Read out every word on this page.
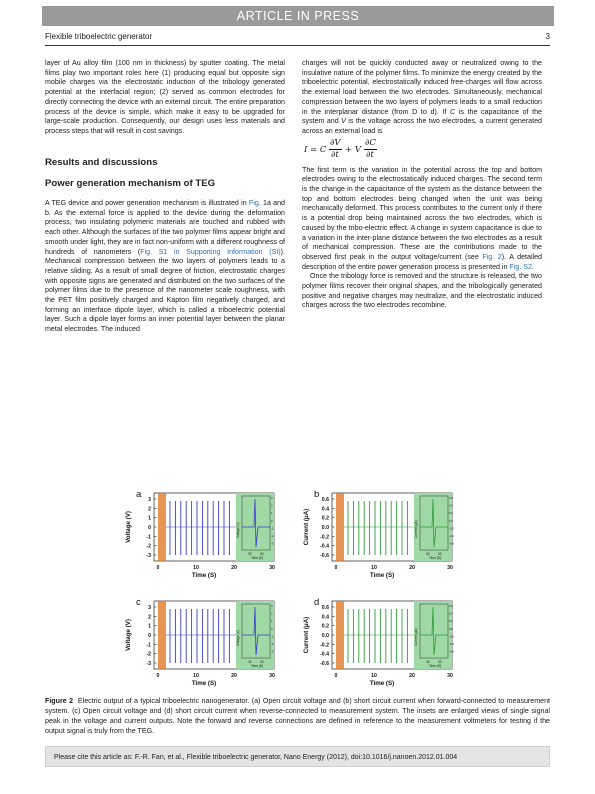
ARTICLE IN PRESS
Flexible triboelectric generator	3

layer of Au alloy film (100 nm in thickness) by sputter coating. The metal films play two important roles here (1) producing equal but opposite sign mobile charges via the electrostatic induction of the tribology generated potential at the interfacial region; (2) served as common electrodes for directly connecting the device with an external circuit. The entire preparation process of the device is simple, which make it easy to be upgraded for large-scale production. Consequently, our design uses less materials and process steps that will result in cost savings.

Results and discussions
Power generation mechanism of TEG

A TEG device and power generation mechanism is illustrated in Fig. 1a and b. As the external force is applied to the device during the deformation process, two insulating polymeric materials are touched and rubbed with each other. Although the surfaces of the two polymer films appear bright and smooth under light, they are in fact non-uniform with a different roughness of hundreds of nanometers (Fig. S1 in Supporting Information (SI)). Mechanical compression between the two layers of polymers leads to a relative sliding. As a result of small degree of friction, electrostatic charges with opposite signs are generated and distributed on the two surfaces of the polymer films due to the presence of the nanometer scale roughness, with the PET film positively charged and Kapton film negatively charged, and forming an interface dipole layer, which is called a triboelectric potential layer. Such a dipole layer forms an inner potential layer between the planar metal electrodes. The induced

charges will not be quickly conducted away or neutralized owing to the insulative nature of the polymer films. To minimize the energy created by the triboelectric potential, electrostatically induced free-charges will flow across the external load between the two electrodes. Simultaneously, mechanical compression between the two layers of polymers leads to a small reduction in the interplanar distance (from D to d). If C is the capacitance of the system and V is the voltage across the two electrodes, a current generated across an external load is

I = C
∂V
∂t + V
∂C
∂t

The first term is the variation in the potential across the top and bottom electrodes owing to the electrostatically induced charges. The second term is the change in the capacitance of the system as the distance between the top and bottom electrodes being changed when the unit was being mechanically deformed. This process contributes to the current only if there is a potential drop being maintained across the two electrodes, which is caused by the tribo-electric effect. A change in system capacitance is due to a variation in the inter-plane distance between the two electrodes as a result of mechanical compression. These are the contributions made to the observed first peak in the output voltage/current (see Fig. 2). A detailed description of the entire power generation process is presented in Fig. S2.

Once the tribology force is removed and the structure is released, the two polymer films recover their original shapes, and the tribologically generated positive and negative charges may neutralize, and the electrostatic induced charges across the two electrodes recombine.

Voltage (V)
32	33
Time (S)
3
2
1
0
-1
-2
-3
3
2
1
0
-1
-2
-3
0	10	20	30
Time (S)
Voltage (V)
a
Current (μA)
32	33
Time (S)
0.6
0.4
0.2
0.0
-0.2
-0.4
-0.6
0.6
0.4
0.2
0.0
-0.2
-0.4
-0.6
0	10	20	30
Time (S)
Current (μA)
b
Voltage (V)
32	33
Time (S)
3
2
1
0
-1
-2
-3
3
2
1
0
-1
-2
-3
0	10	20	30
Time (S)
Voltage (V)
c
Current (μA)
32	33
Time (S)
0.6
0.4
0.2
0.0
-0.2
-0.4
-0.6
0.6
0.4
0.2
0.0
-0.2
-0.4
-0.6
0	10	20	30
Time (S)
Current (μA)
d
Figure 2 Electric output of a typical triboelectric nanogenerator. (a) Open circuit voltage and (b) short circuit current when forward-connected to measurement system. (c) Open circuit voltage and (d) short circuit current when reverse-connected to measurement system. The insets are enlarged views of single signal peak in the voltage and current outputs. Note the forward and reverse connections are defined in reference to the measurement voltmeters for testing if the output signal is truly from the TEG.
Please cite this article as: F.-R. Fan, et al., Flexible triboelectric generator, Nano Energy (2012), doi:10.1016/j.nanoen.2012.01.004
